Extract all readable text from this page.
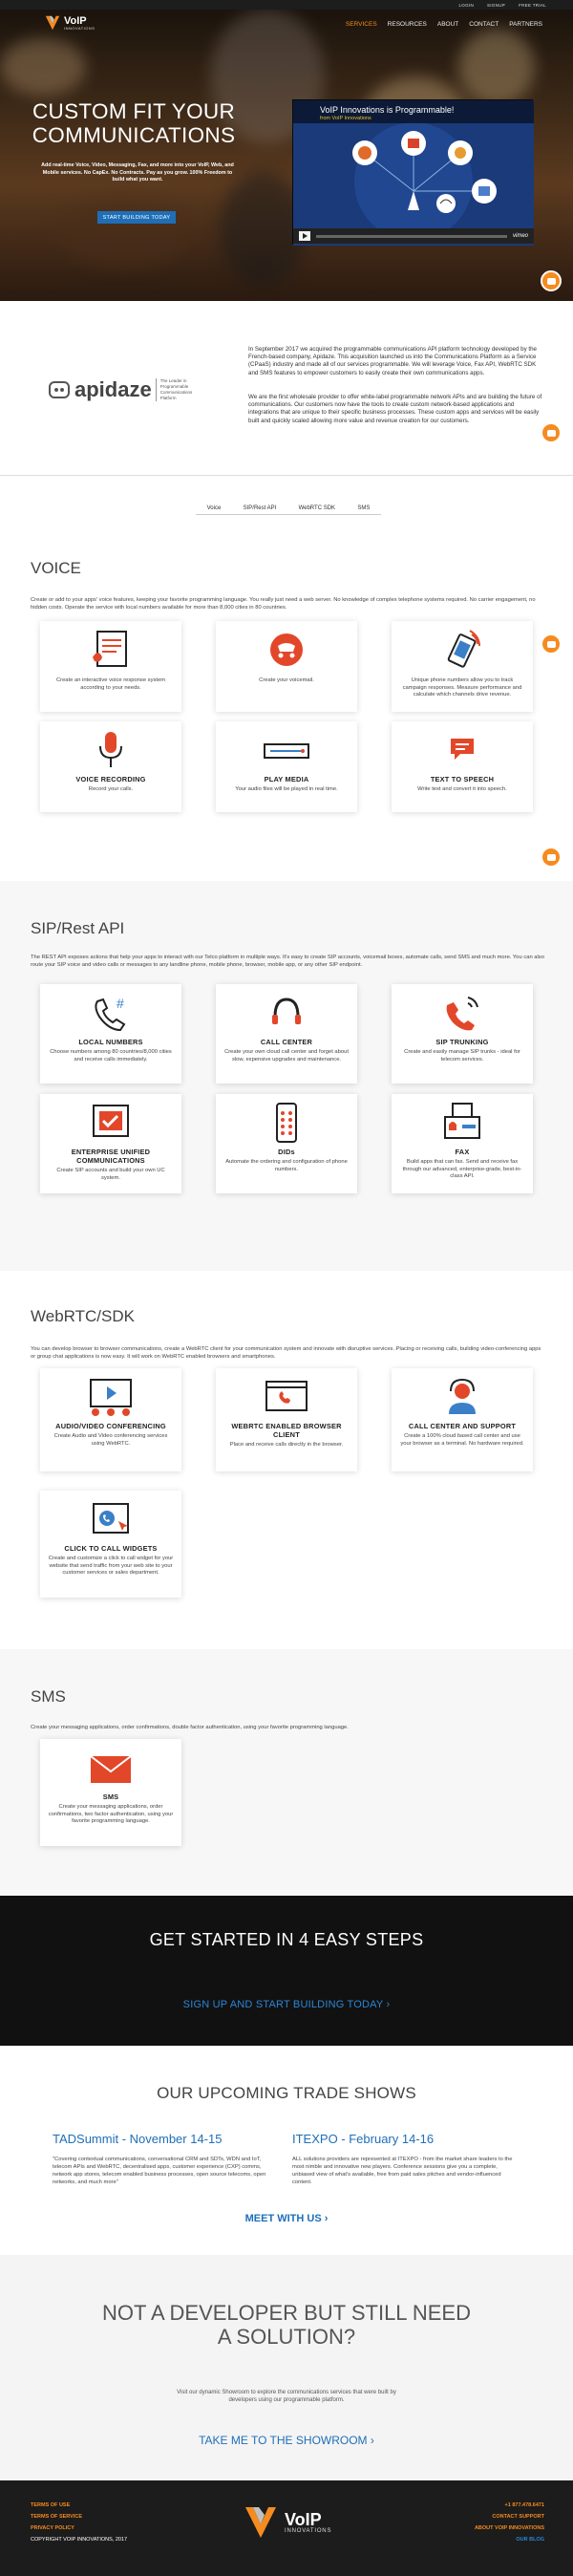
LOGIN	SIGNUP	FREE TRIAL
VoIP
INNOVATIONS
SERVICES RESOURCES ABOUT CONTACT PARTNERS
CUSTOM FIT YOUR COMMUNICATIONS
Add real-time Voice, Video, Messaging, Fax, and more into your VoIP, Web, and Mobile services. No CapEx. No Contracts. Pay as you grow. 100% Freedom to build what you want.
START BUILDING TODAY
VoIP Innovations is Programmable!
from VoIP Innovations
vimeo
apidaze	The Leader in Programmable Communications Platform
In September 2017 we acquired the programmable communications API platform technology developed by the French-based company, Apidaze. This acquisition launched us into the Communications Platform as a Service (CPaaS) industry and made all of our services programmable. We will leverage Voice, Fax API, WebRTC SDK and SMS features to empower customers to easily create their own communications apps.
We are the first wholesale provider to offer white-label programmable network APIs and are building the future of communications. Our customers now have the tools to create custom network-based applications and integrations that are unique to their specific business processes. These custom apps and services will be easily built and quickly scaled allowing more value and revenue creation for our customers.
Voice	SIP/Rest API	WebRTC SDK	SMS
VOICE
Create or add to your apps' voice features, keeping your favorite programming language. You really just need a web server. No knowledge of complex telephone systems required. No carrier engagement, no hidden costs. Operate the service with local numbers available for more than 8,000 cities in 80 countries.
Create an interactive voice response system according to your needs.
Create your voicemail.	Unique phone numbers allow you to track campaign responses. Measure performance and calculate which channels drive revenue.
VOICE RECORDING
Record your calls.
PLAY MEDIA
Your audio files will be played in real time.
TEXT TO SPEECH
Write text and convert it into speech.
SIP/Rest API
The REST API exposes actions that help your apps to interact with our Telco platform in multiple ways. It's easy to create SIP accounts, voicemail boxes, automate calls, send SMS and much more. You can also route your SIP voice and video calls or messages to any landline phone, mobile phone, browser, mobile app, or any other SIP endpoint.
#
LOCAL NUMBERS
Choose numbers among 80 countries/8,000 cities and receive calls immediately.
CALL CENTER
Create your own cloud call center and forget about slow, expensive upgrades and maintenance.
SIP TRUNKING
Create and easily manage SIP trunks - ideal for telecom services.
ENTERPRISE UNIFIED COMMUNICATIONS
Create SIP accounts and build your own UC system.
DIDs
Automate the ordering and configuration of phone numbers.
FAX
Build apps that can fax. Send and receive fax through our advanced, enterprise-grade, best-in-class API.
WebRTC/SDK
You can develop browser to browser communications, create a WebRTC client for your communication system and innovate with disruptive services. Placing or receiving calls, building video-conferencing apps or group chat applications is now easy. It will work on WebRTC enabled browsers and smartphones.
AUDIO/VIDEO CONFERENCING
Create Audio and Video conferencing services using WebRTC.
WEBRTC ENABLED BROWSER CLIENT
Place and receive calls directly in the browser.
CALL CENTER AND SUPPORT
Create a 100% cloud based call center and use your browser as a terminal. No hardware required.
CLICK TO CALL WIDGETS
Create and customize a click to call widget for your website that send traffic from your web site to your customer services or sales department.
SMS
Create your messaging applications, order confirmations, double factor authentication, using your favorite programming language.
SMS
Create your messaging applications, order confirmations, two factor authentication, using your favorite programming language.
GET STARTED IN 4 EASY STEPS
SIGN UP AND START BUILDING TODAY ›
OUR UPCOMING TRADE SHOWS
TADSummit - November 14-15
"Covering contextual communications, conversational CRM and SDTs, WDN and IoT, telecom APIs and WebRTC, decentralised apps, customer experience (CXP) comms, network app stores, telecom enabled business processes, open source telecoms, open networks, and much more"
ITEXPO - February 14-16
ALL solutions providers are represented at ITEXPO - from the market share leaders to the most nimble and innovative new players. Conference sessions give you a complete, unbiased view of what's available, free from paid sales pitches and vendor-influenced content.
MEET WITH US ›
NOT A DEVELOPER BUT STILL NEED A SOLUTION?
Visit our dynamic Showroom to explore the communications services that were built by developers using our programmable platform.
TAKE ME TO THE SHOWROOM ›
TERMS OF USE
TERMS OF SERVICE
PRIVACY POLICY
COPYRIGHT VOIP INNOVATIONS, 2017
VoIP
INNOVATIONS
+1 877.478.6471
CONTACT SUPPORT
ABOUT VOIP INNOVATIONS
OUR BLOG
